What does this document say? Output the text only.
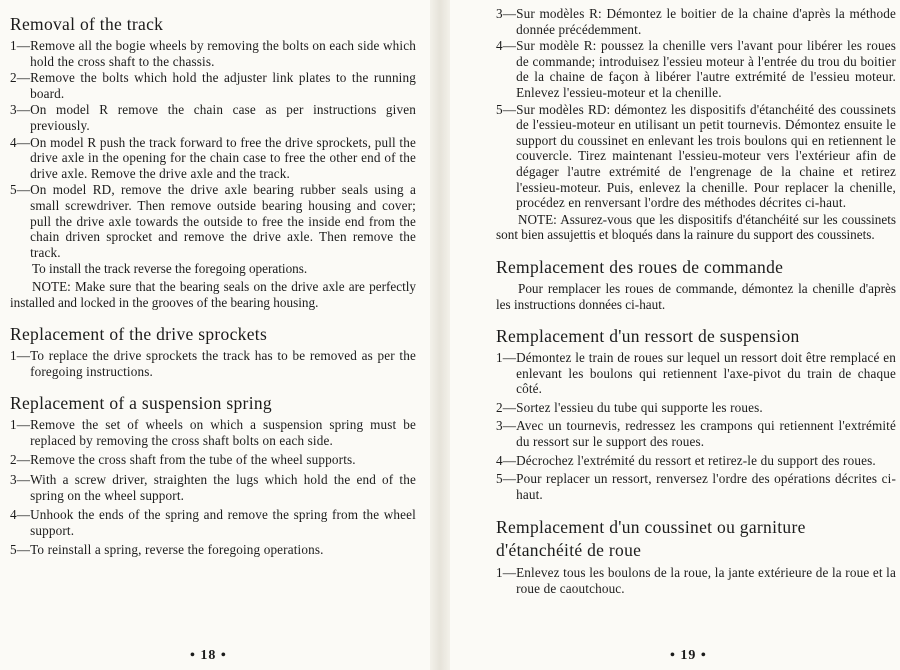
Removal of the track
1— Remove all the bogie wheels by removing the bolts on each side which hold the cross shaft to the chassis.
2— Remove the bolts which hold the adjuster link plates to the running board.
3— On model R remove the chain case as per instructions given previously.
4— On model R push the track forward to free the drive sprockets, pull the drive axle in the opening for the chain case to free the other end of the drive axle. Remove the drive axle and the track.
5— On model RD, remove the drive axle bearing rubber seals using a small screwdriver. Then remove outside bearing housing and cover; pull the drive axle towards the outside to free the inside end from the chain driven sprocket and remove the drive axle. Then remove the track.

To install the track reverse the foregoing operations.

NOTE: Make sure that the bearing seals on the drive axle are perfectly installed and locked in the grooves of the bearing housing.

Replacement of the drive sprockets
1— To replace the drive sprockets the track has to be removed as per the foregoing instructions.
Replacement of a suspension spring
1— Remove the set of wheels on which a suspension spring must be replaced by removing the cross shaft bolts on each side.
2— Remove the cross shaft from the tube of the wheel supports.
3— With a screw driver, straighten the lugs which hold the end of the spring on the wheel support.
4— Unhook the ends of the spring and remove the spring from the wheel support.
5— To reinstall a spring, reverse the foregoing operations.
• 18 •
3— Sur modèles R: Démontez le boitier de la chaine d'après la méthode donnée précédemment.
4— Sur modèle R: poussez la chenille vers l'avant pour libérer les roues de commande; introduisez l'essieu moteur à l'entrée du trou du boitier de la chaine de façon à libérer l'autre extrémité de l'essieu moteur. Enlevez l'essieu-moteur et la chenille.
5— Sur modèles RD: démontez les dispositifs d'étanchéité des coussinets de l'essieu-moteur en utilisant un petit tournevis. Démontez ensuite le support du coussinet en enlevant les trois boulons qui en retiennent le couvercle. Tirez maintenant l'essieu-moteur vers l'extérieur afin de dégager l'autre extrémité de l'engrenage de la chaine et retirez l'essieu-moteur. Puis, enlevez la chenille. Pour replacer la chenille, procédez en renversant l'ordre des méthodes décrites ci-haut.

NOTE: Assurez-vous que les dispositifs d'étanchéité sur les coussinets sont bien assujettis et bloqués dans la rainure du support des coussinets.

Remplacement des roues de commande

Pour remplacer les roues de commande, démontez la chenille d'après les instructions données ci-haut.

Remplacement d'un ressort de suspension
1— Démontez le train de roues sur lequel un ressort doit être remplacé en enlevant les boulons qui retiennent l'axe-pivot du train de chaque côté.
2— Sortez l'essieu du tube qui supporte les roues.
3— Avec un tournevis, redressez les crampons qui retiennent l'extrémité du ressort sur le support des roues.
4— Décrochez l'extrémité du ressort et retirez-le du support des roues.
5— Pour replacer un ressort, renversez l'ordre des opérations décrites ci-haut.
Remplacement d'un coussinet ou garniture d'étanchéité de roue
1— Enlevez tous les boulons de la roue, la jante extérieure de la roue et la roue de caoutchouc.
• 19 •
